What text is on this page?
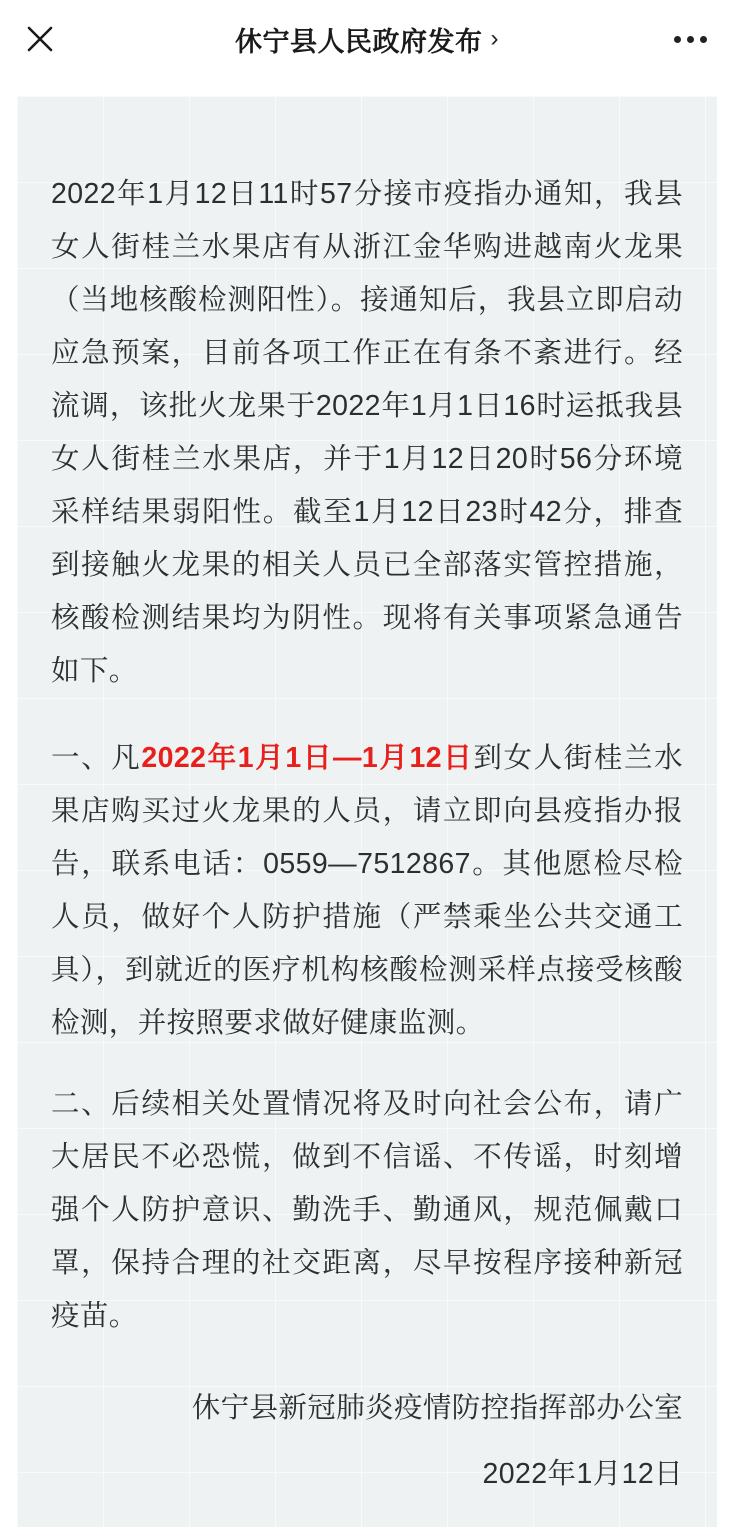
休宁县人民政府发布 ›

2022年1月12日11时57分接市疫指办通知，我县女人街桂兰水果店有从浙江金华购进越南火龙果（当地核酸检测阳性）。接通知后，我县立即启动应急预案，目前各项工作正在有条不紊进行。经流调，该批火龙果于2022年1月1日16时运抵我县女人街桂兰水果店，并于1月12日20时56分环境采样结果弱阳性。截至1月12日23时42分，排查到接触火龙果的相关人员已全部落实管控措施，核酸检测结果均为阴性。现将有关事项紧急通告如下。

一、凡2022年1月1日—1月12日到女人街桂兰水果店购买过火龙果的人员，请立即向县疫指办报告，联系电话：0559—7512867。其他愿检尽检人员，做好个人防护措施（严禁乘坐公共交通工具），到就近的医疗机构核酸检测采样点接受核酸检测，并按照要求做好健康监测。

二、后续相关处置情况将及时向社会公布，请广大居民不必恐慌，做到不信谣、不传谣，时刻增强个人防护意识、勤洗手、勤通风，规范佩戴口罩，保持合理的社交距离，尽早按程序接种新冠疫苗。

休宁县新冠肺炎疫情防控指挥部办公室

2022年1月12日
